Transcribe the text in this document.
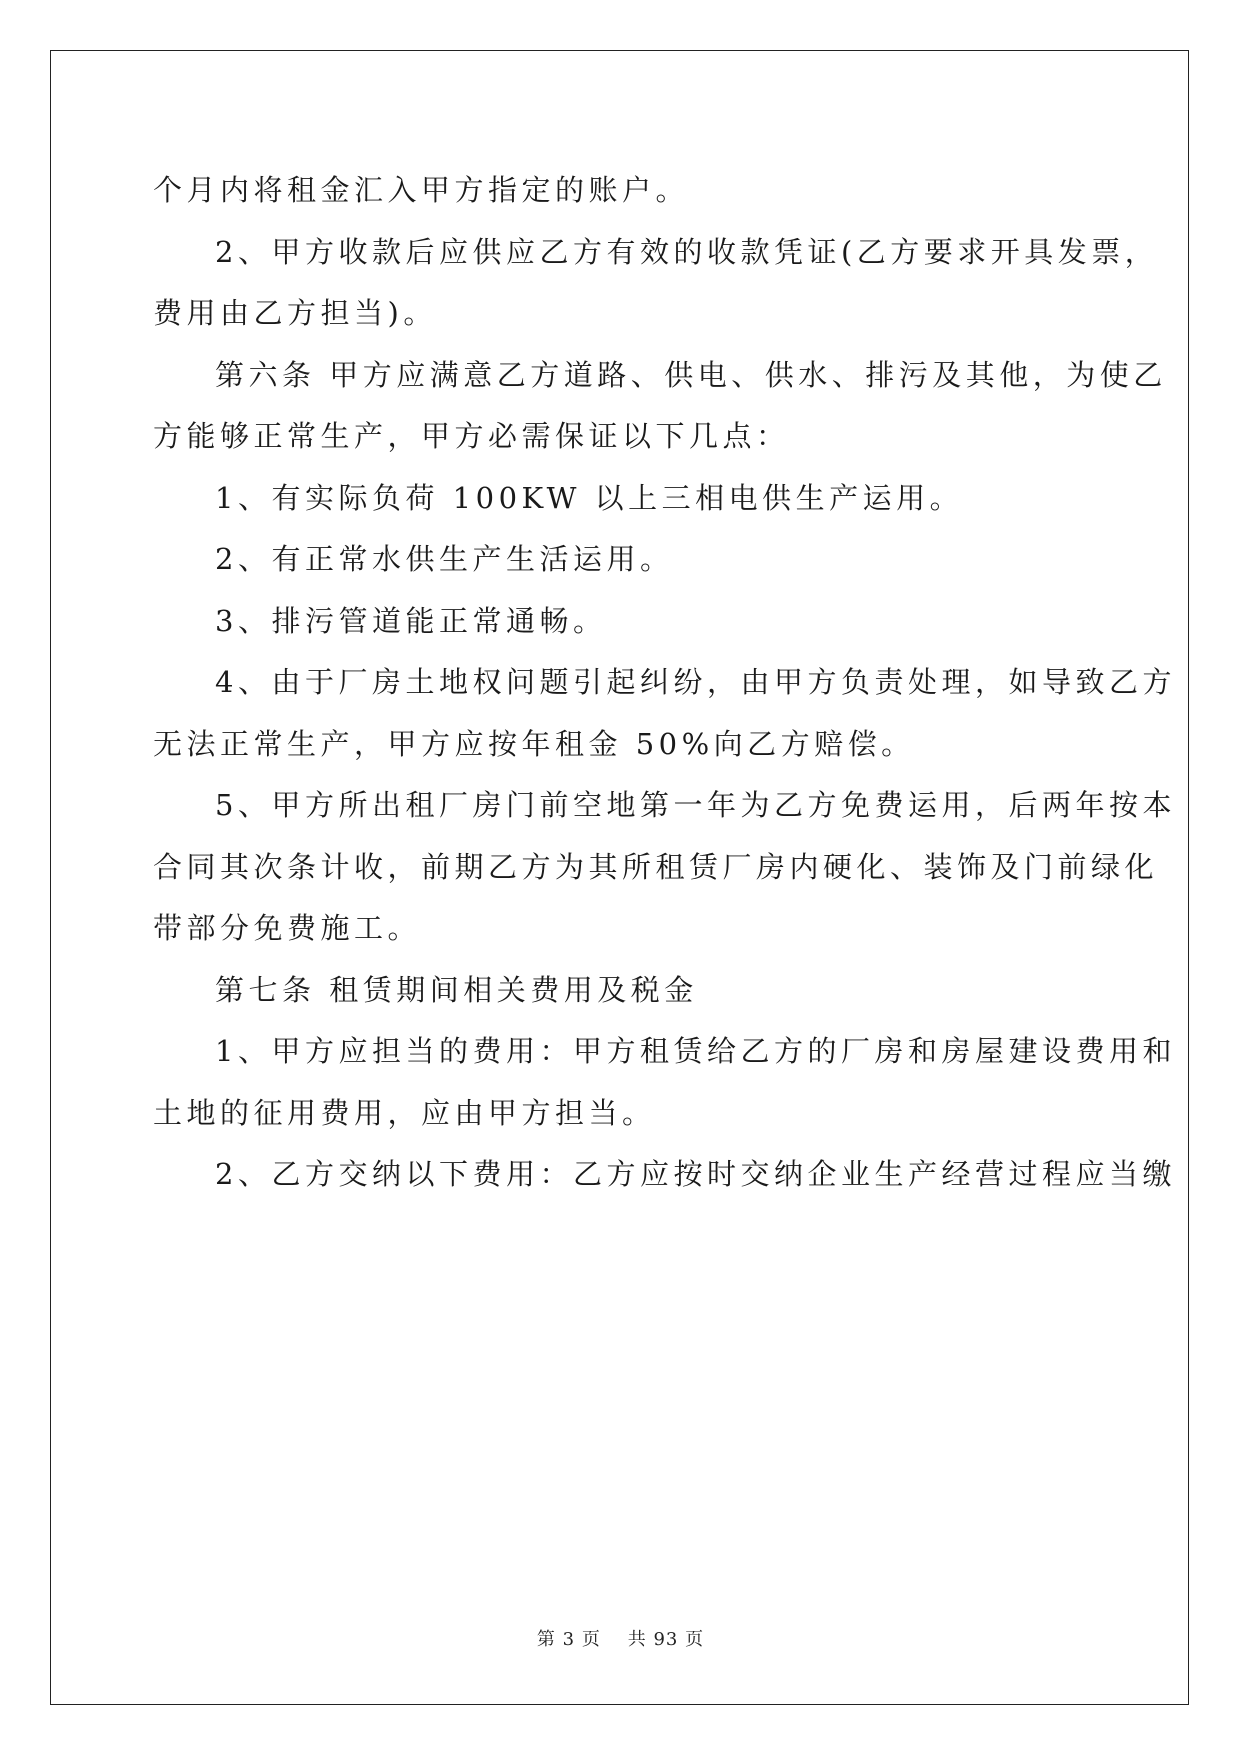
个月内将租金汇入甲方指定的账户。

2、甲方收款后应供应乙方有效的收款凭证(乙方要求开具发票，
费用由乙方担当)。

第六条 甲方应满意乙方道路、供电、供水、排污及其他，为使乙
方能够正常生产，甲方必需保证以下几点：

1、有实际负荷 100KW 以上三相电供生产运用。

2、有正常水供生产生活运用。

3、排污管道能正常通畅。

4、由于厂房土地权问题引起纠纷，由甲方负责处理，如导致乙方
无法正常生产，甲方应按年租金 50%向乙方赔偿。

5、甲方所出租厂房门前空地第一年为乙方免费运用，后两年按本
合同其次条计收，前期乙方为其所租赁厂房内硬化、装饰及门前绿化
带部分免费施工。

第七条 租赁期间相关费用及税金

1、甲方应担当的费用：甲方租赁给乙方的厂房和房屋建设费用和
土地的征用费用，应由甲方担当。

2、乙方交纳以下费用：乙方应按时交纳企业生产经营过程应当缴

第 3 页 共 93 页
